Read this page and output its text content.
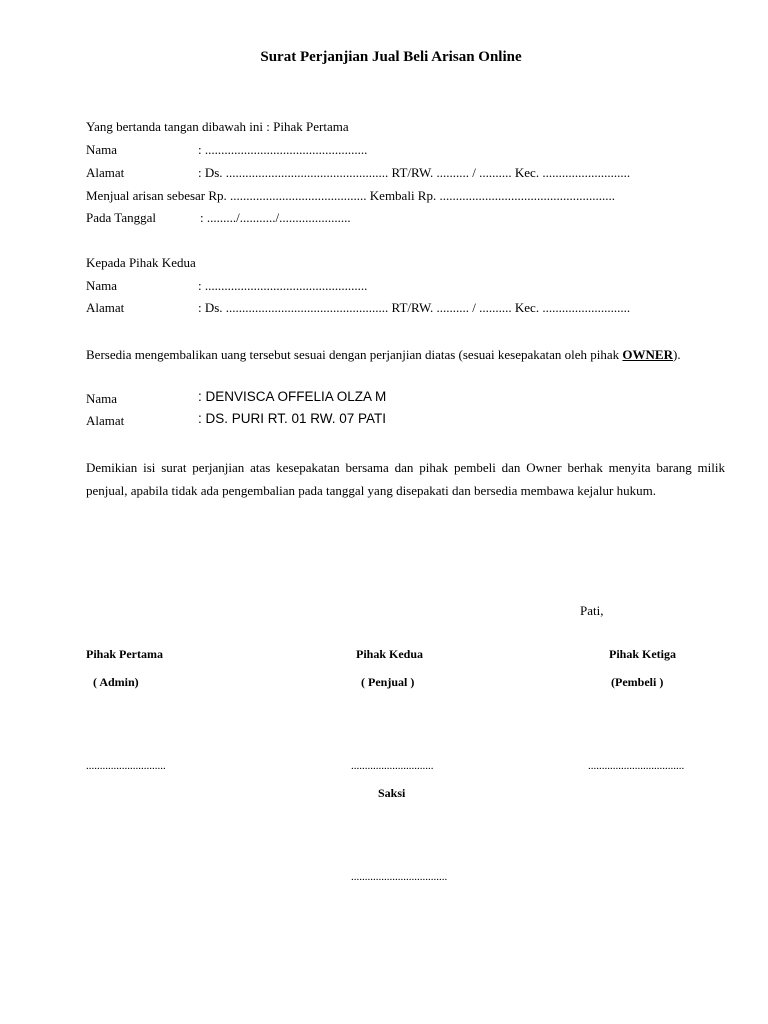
Surat Perjanjian Jual Beli Arisan Online
Yang bertanda tangan dibawah ini : Pihak Pertama
Nama	: ..................................................
Alamat	: Ds. .................................................. RT/RW. .......... / .......... Kec. ...........................
Menjual arisan sebesar Rp. .......................................... Kembali Rp. ......................................................
Pada Tanggal	: ........./.........../......................
Kepada Pihak Kedua
Nama	: ..................................................
Alamat	: Ds. .................................................. RT/RW. .......... / .......... Kec. ...........................
Bersedia mengembalikan uang tersebut sesuai dengan perjanjian diatas (sesuai kesepakatan oleh pihak OWNER).
Nama	: DENVISCA OFFELIA OLZA M
Alamat	: DS. PURI RT. 01 RW. 07 PATI
Demikian isi surat perjanjian atas kesepakatan bersama dan pihak pembeli dan Owner berhak menyita barang milik penjual, apabila tidak ada pengembalian pada tanggal yang disepakati dan bersedia membawa kejalur hukum.
Pati,
Pihak Pertama	Pihak Kedua	Pihak Ketiga
( Admin)	( Penjual )	(Pembeli )
.............................	..............................	...................................
Saksi
...................................
